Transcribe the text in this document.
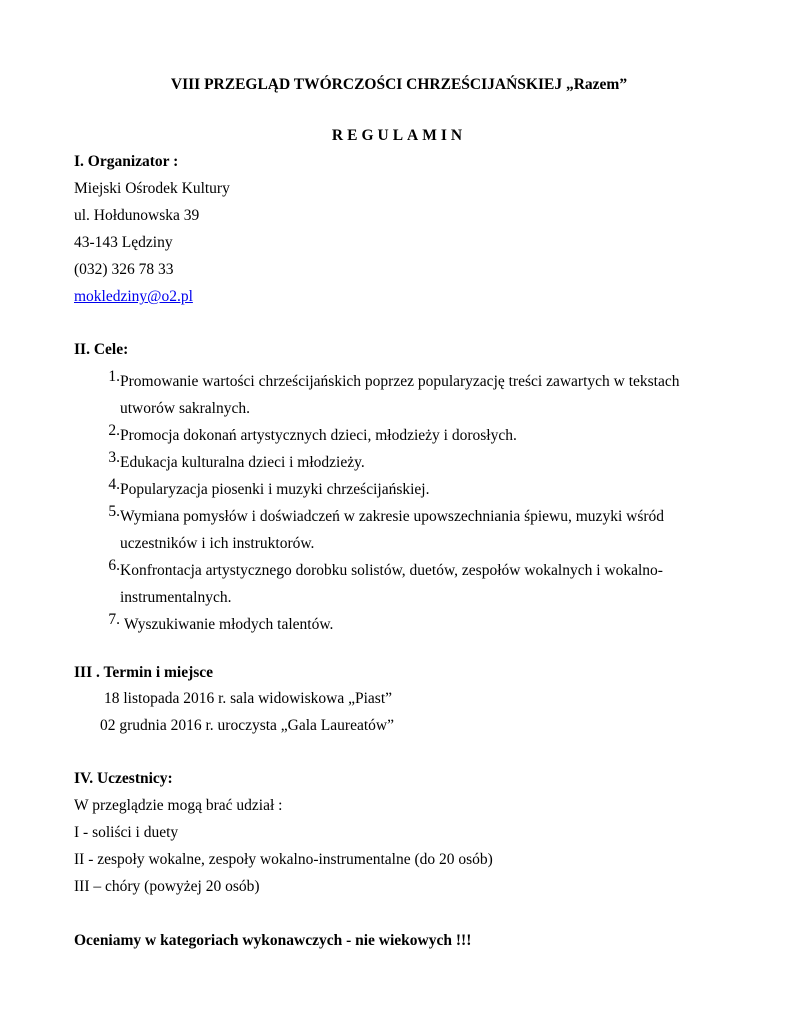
VIII PRZEGLĄD TWÓRCZOŚCI CHRZEŚCIJAŃSKIEJ „Razem”
REGULAMIN
I. Organizator :
Miejski Ośrodek Kultury
ul. Hołdunowska 39
43-143 Lędziny
(032) 326 78 33
mokledziny@o2.pl
II. Cele:
1. Promowanie wartości chrześcijańskich poprzez popularyzację treści zawartych w tekstach
utworów sakralnych.
2. Promocja dokonań artystycznych dzieci, młodzieży i dorosłych.
3. Edukacja kulturalna dzieci i młodzieży.
4. Popularyzacja piosenki i muzyki chrześcijańskiej.
5. Wymiana pomysłów i doświadczeń w zakresie upowszechniania śpiewu, muzyki wśród
uczestników i ich instruktorów.
6. Konfrontacja artystycznego dorobku solistów, duetów, zespołów wokalnych i wokalno-
instrumentalnych.
7. Wyszukiwanie młodych talentów.
III . Termin i miejsce
18 listopada 2016 r. sala widowiskowa „Piast”
02 grudnia 2016 r. uroczysta „Gala Laureatów”
IV. Uczestnicy:
W przeglądzie mogą brać udział :
I - soliści i duety
II - zespoły wokalne, zespoły wokalno-instrumentalne (do 20 osób)
III – chóry (powyżej 20 osób)
Oceniamy w kategoriach wykonawczych - nie wiekowych !!!
